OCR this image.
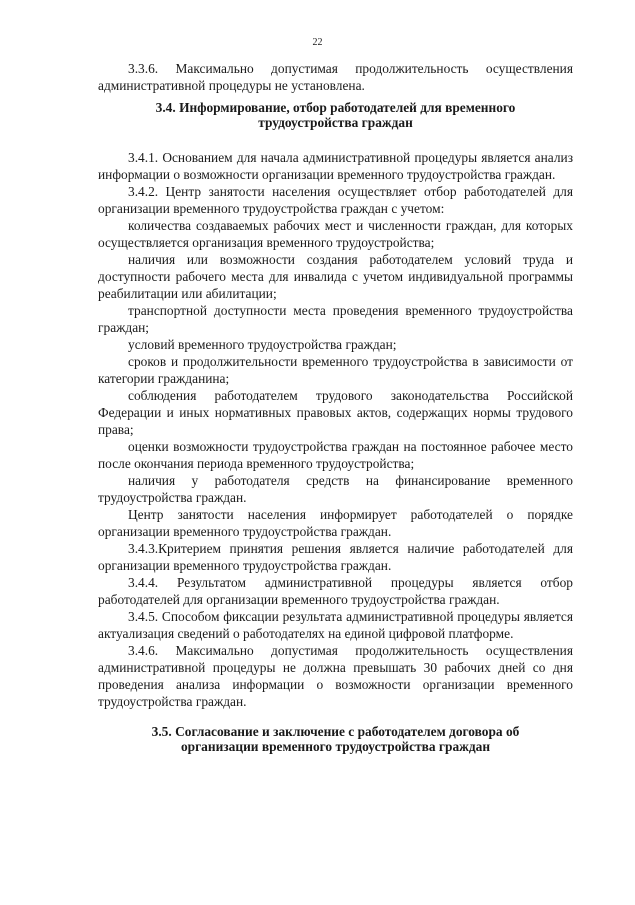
22

3.3.6. Максимально допустимая продолжительность осуществления административной процедуры не установлена.

3.4. Информирование, отбор работодателей для временного
трудоустройства граждан

3.4.1. Основанием для начала административной процедуры является анализ информации о возможности организации временного трудоустройства граждан.

3.4.2. Центр занятости населения осуществляет отбор работодателей для организации временного трудоустройства граждан с учетом:

количества создаваемых рабочих мест и численности граждан, для которых осуществляется организация временного трудоустройства;

наличия или возможности создания работодателем условий труда и доступности рабочего места для инвалида с учетом индивидуальной программы реабилитации или абилитации;

транспортной доступности места проведения временного трудоустройства граждан;

условий временного трудоустройства граждан;

сроков и продолжительности временного трудоустройства в зависимости от категории гражданина;

соблюдения работодателем трудового законодательства Российской Федерации и иных нормативных правовых актов, содержащих нормы трудового права;

оценки возможности трудоустройства граждан на постоянное рабочее место после окончания периода временного трудоустройства;

наличия у работодателя средств на финансирование временного трудоустройства граждан.

Центр занятости населения информирует работодателей о порядке организации временного трудоустройства граждан.

3.4.3.Критерием принятия решения является наличие работодателей для организации временного трудоустройства граждан.

3.4.4. Результатом административной процедуры является отбор работодателей для организации временного трудоустройства граждан.

3.4.5. Способом фиксации результата административной процедуры является актуализация сведений о работодателях на единой цифровой платформе.

3.4.6. Максимально допустимая продолжительность осуществления административной процедуры не должна превышать 30 рабочих дней со дня проведения анализа информации о возможности организации временного трудоустройства граждан.

3.5. Согласование и заключение с работодателем договора об
организации временного трудоустройства граждан
